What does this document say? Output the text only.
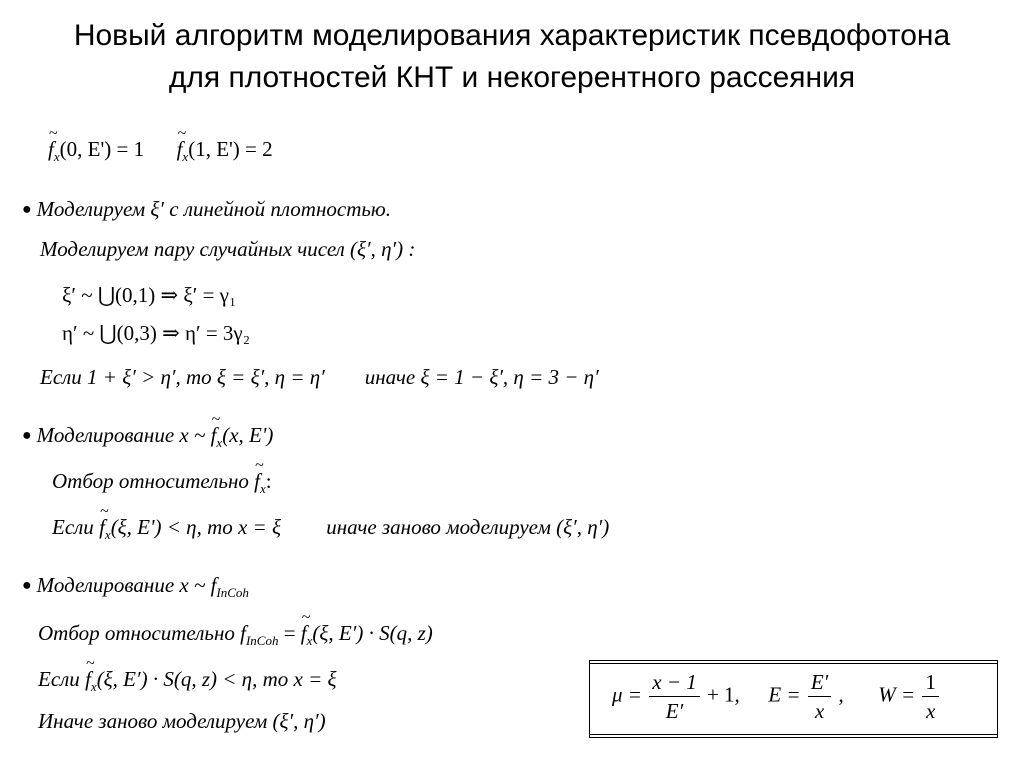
Новый алгоритм моделирования характеристик псевдофотона
для плотностей КНТ и некогерентного рассеяния
~ $f_x(0$, E') = 1 ~ $f_x(1$, E') = 2
● Моделируем ξ′ с линейной плотностью.
Моделируем пару случайных чисел (ξ′, η′) :
ξ′ ~ ⋃(0,1) ⇒ ξ′ = γ₁
η′ ~ ⋃(0,3) ⇒ η′ = 3γ₂
Если 1 + ξ′ > η′, то ξ = ξ′, η = η′ иначе ξ = 1 − ξ′, η = 3 − η′
● Моделирование x ~ ~ $f_x(x$, E')
Отбор относительно ~ $f_x$:
Если ~ $f_x(\xi$, E') < η, то x = ξ иначе заново моделируем (ξ′, η′)
● Моделирование x ~ $f_{InCoh}$
Отбор относительно $f_{InCoh}$ = ~ $f_x(\xi$, E′) · S(q, z)
Если ~ $f_x(\xi$, E′) · S(q, z) < η, то x = ξ
Иначе заново моделируем (ξ′, η′)
$\mu = \frac{x - 1}{E'} + 1$, $E = \frac{E'}{x}$ , $W = \frac{1}{x}$
